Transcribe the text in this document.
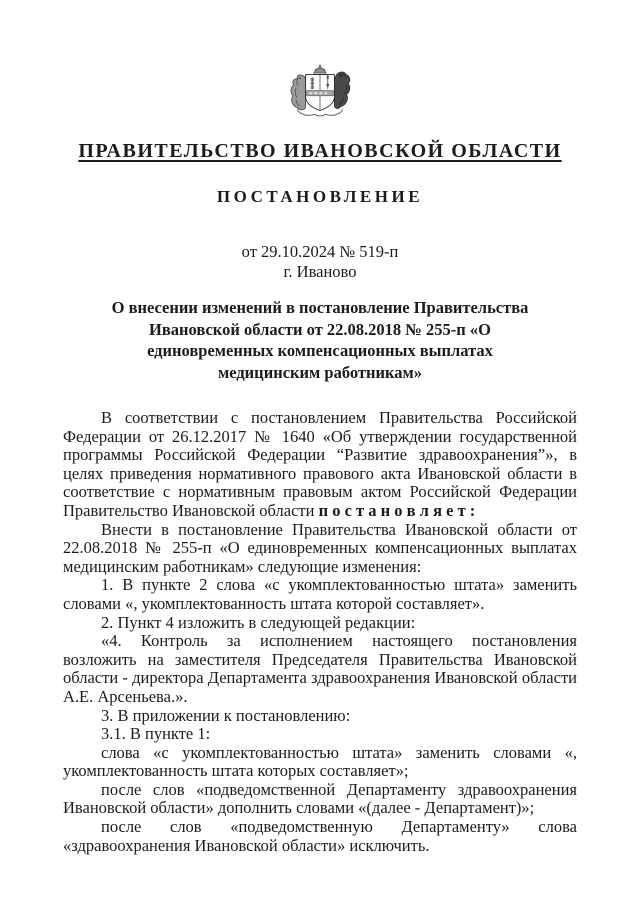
ПРАВИТЕЛЬСТВО ИВАНОВСКОЙ ОБЛАСТИ
ПОСТАНОВЛЕНИЕ
от 29.10.2024 № 519-п
г. Иваново
О внесении изменений в постановление Правительства Ивановской области от 22.08.2018 № 255-п «О единовременных компенсационных выплатах медицинским работникам»

В соответствии с постановлением Правительства Российской Федерации от 26.12.2017 № 1640 «Об утверждении государственной программы Российской Федерации “Развитие здравоохранения”», в целях приведения нормативного правового акта Ивановской области в соответствие с нормативным правовым актом Российской Федерации Правительство Ивановской области п о с т а н о в л я е т :

Внести в постановление Правительства Ивановской области от 22.08.2018 № 255-п «О единовременных компенсационных выплатах медицинским работникам» следующие изменения:

1. В пункте 2 слова «с укомплектованностью штата» заменить словами «, укомплектованность штата которой составляет».

2. Пункт 4 изложить в следующей редакции:

«4. Контроль за исполнением настоящего постановления возложить на заместителя Председателя Правительства Ивановской области - директора Департамента здравоохранения Ивановской области А.Е. Арсеньева.».

3. В приложении к постановлению:

3.1. В пункте 1:

слова «с укомплектованностью штата» заменить словами «, укомплектованность штата которых составляет»;

после слов «подведомственной Департаменту здравоохранения Ивановской области» дополнить словами «(далее - Департамент)»;

после слов «подведомственную Департаменту» слова «здравоохранения Ивановской области» исключить.
